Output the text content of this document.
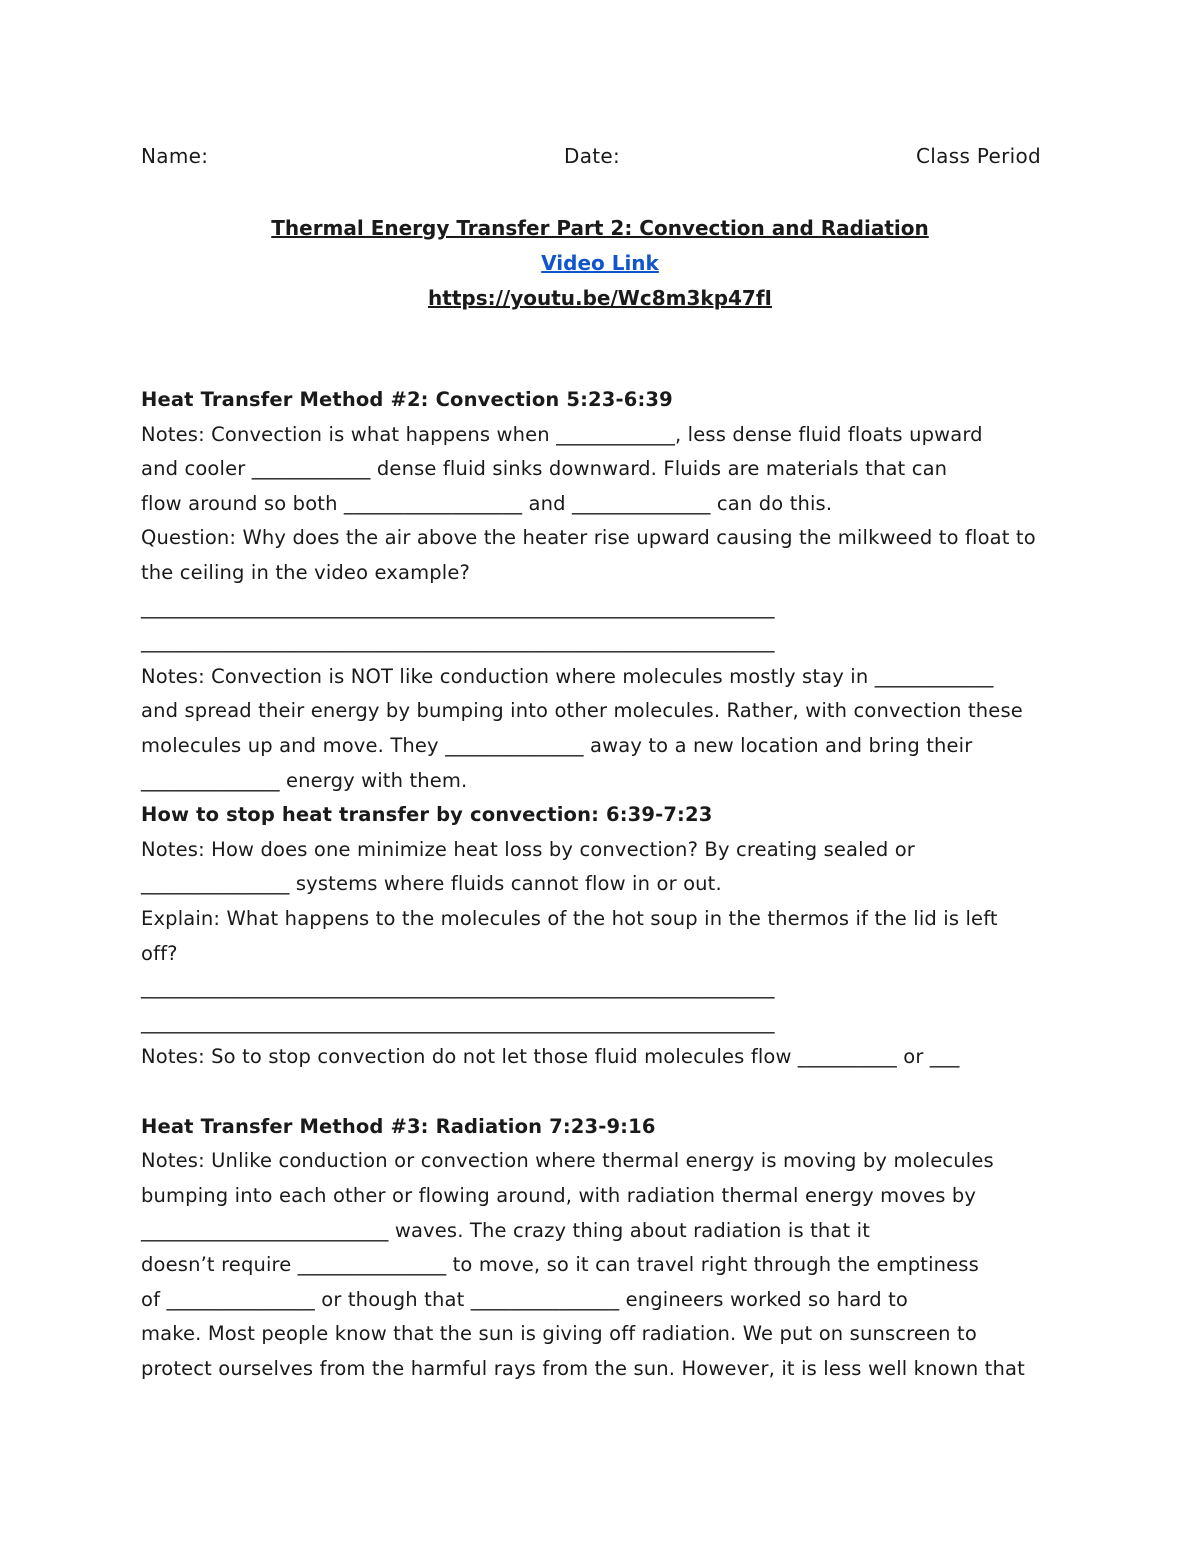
Name:	Date:	Class Period
Thermal Energy Transfer Part 2: Convection and Radiation
Video Link
https://youtu.be/Wc8m3kp47fI
Heat Transfer Method #2: Convection 5:23-6:39
Notes: Convection is what happens when ____________, less dense fluid floats upward
and cooler ____________ dense fluid sinks downward. Fluids are materials that can
flow around so both __________________ and ______________ can do this.
Question: Why does the air above the heater rise upward causing the milkweed to float to
the ceiling in the video example?
________________________________________________________________
________________________________________________________________
Notes: Convection is NOT like conduction where molecules mostly stay in ____________
and spread their energy by bumping into other molecules. Rather, with convection these
molecules up and move. They ______________ away to a new location and bring their
______________ energy with them.
How to stop heat transfer by convection: 6:39-7:23
Notes: How does one minimize heat loss by convection? By creating sealed or
_______________ systems where fluids cannot flow in or out.
Explain: What happens to the molecules of the hot soup in the thermos if the lid is left
off?
________________________________________________________________
________________________________________________________________
Notes: So to stop convection do not let those fluid molecules flow __________ or ___
Heat Transfer Method #3: Radiation 7:23-9:16
Notes: Unlike conduction or convection where thermal energy is moving by molecules
bumping into each other or flowing around, with radiation thermal energy moves by
_________________________ waves. The crazy thing about radiation is that it
doesn’t require _______________ to move, so it can travel right through the emptiness
of _______________ or though that _______________ engineers worked so hard to
make. Most people know that the sun is giving off radiation. We put on sunscreen to
protect ourselves from the harmful rays from the sun. However, it is less well known that
